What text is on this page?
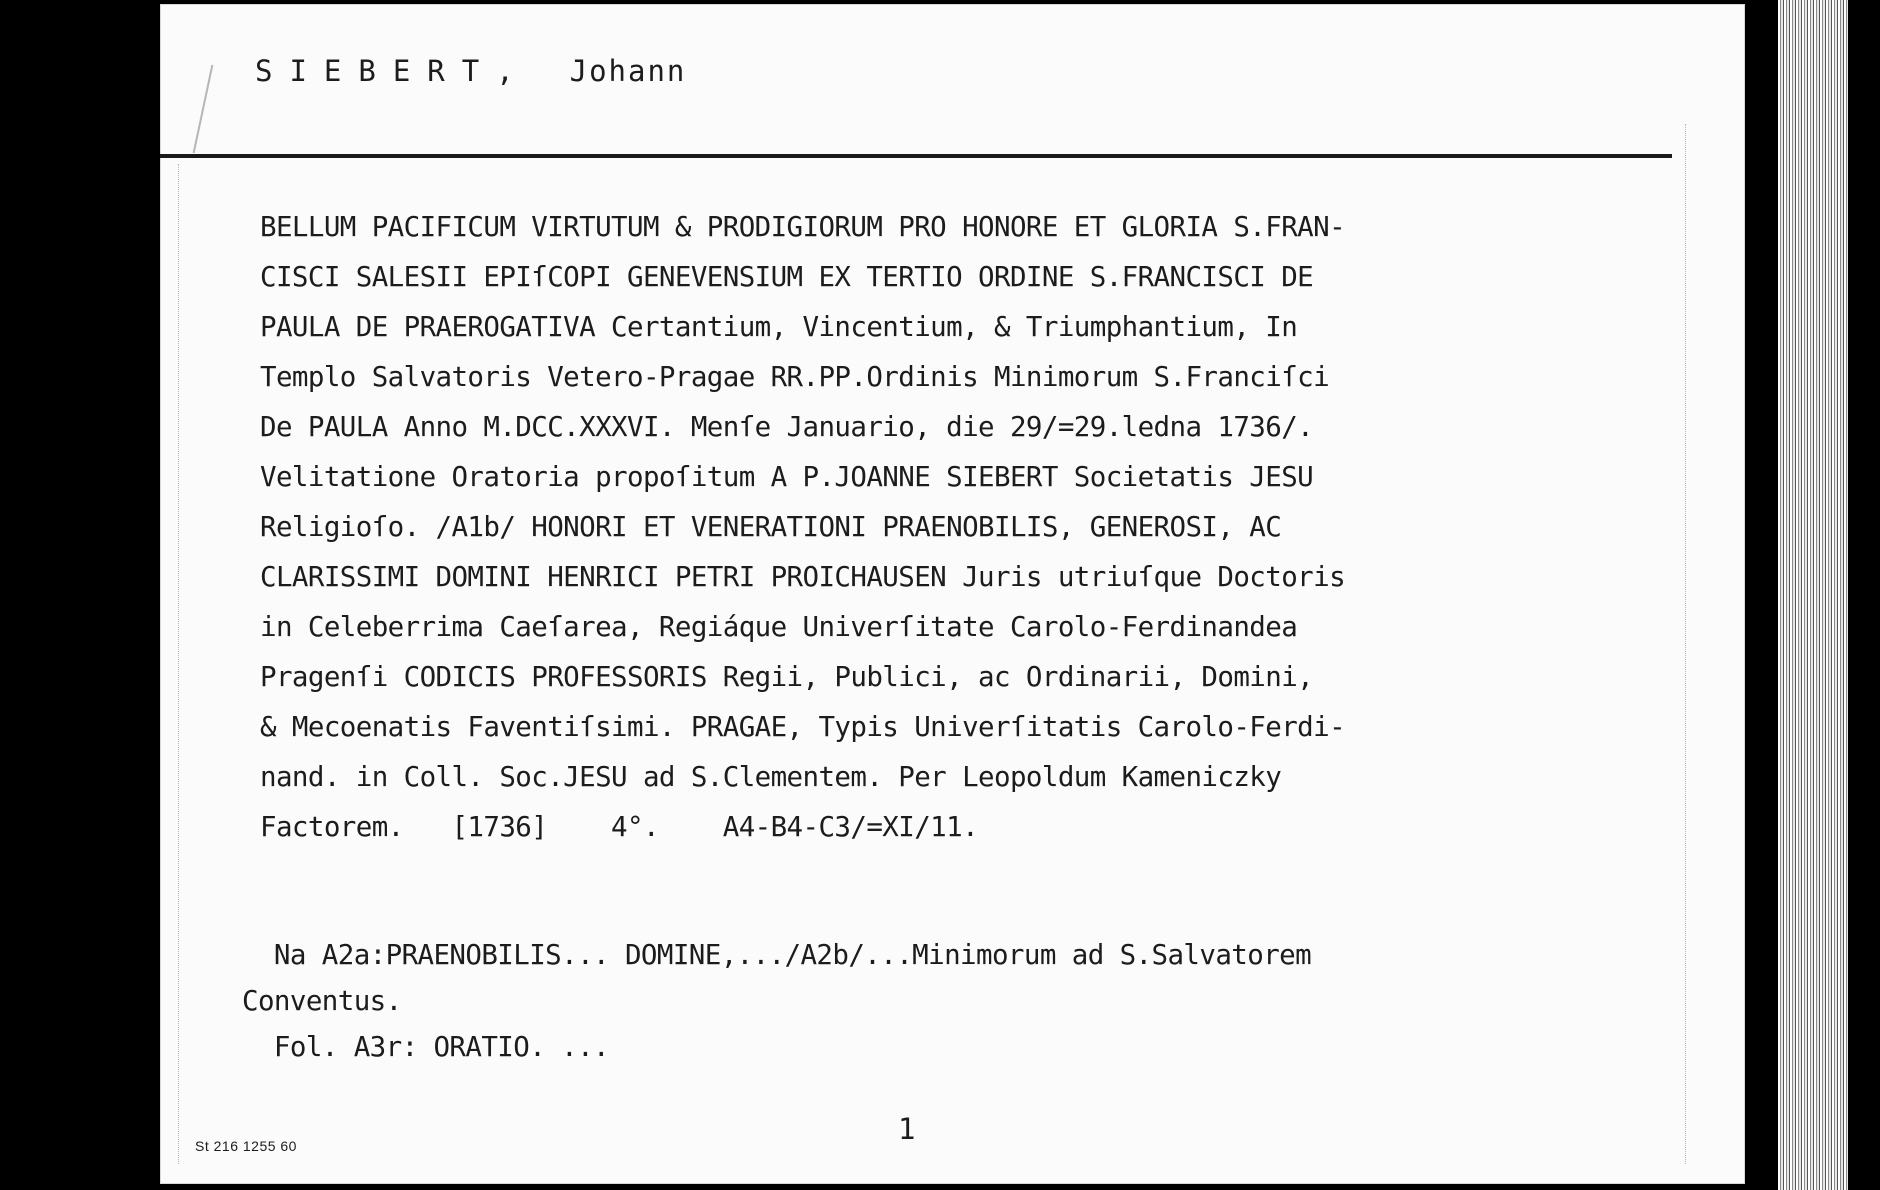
SIEBERT, Johann
BELLUM PACIFICUM VIRTUTUM & PRODIGIORUM PRO HONORE ET GLORIA S.FRAN-
CISCI SALESII EPIſCOPI GENEVENSIUM EX TERTIO ORDINE S.FRANCISCI DE
PAULA DE PRAEROGATIVA Certantium, Vincentium, & Triumphantium, In
Templo Salvatoris Vetero-Pragae RR.PP.Ordinis Minimorum S.Franciſci
De PAULA Anno M.DCC.XXXVI. Menſe Januario, die 29/=29.ledna 1736/.
Velitatione Oratoria propoſitum A P.JOANNE SIEBERT Societatis JESU
Religioſo. /A1b/ HONORI ET VENERATIONI PRAENOBILIS, GENEROSI, AC
CLARISSIMI DOMINI HENRICI PETRI PROICHAUSEN Juris utriuſque Doctoris
in Celeberrima Caeſarea, Regiáque Univerſitate Carolo-Ferdinandea
Pragenſi CODICIS PROFESSORIS Regii, Publici, ac Ordinarii, Domini,
& Mecoenatis Faventiſsimi. PRAGAE, Typis Univerſitatis Carolo-Ferdi-
nand. in Coll. Soc.JESU ad S.Clementem. Per Leopoldum Kameniczky
Factorem.   [1736]    4°.    A4-B4-C3/=XI/11.
Na A2a:PRAENOBILIS... DOMINE,.../A2b/...Minimorum ad S.Salvatorem
Conventus.
Fol. A3r: ORATIO. ...
St 216 1255 60	1
